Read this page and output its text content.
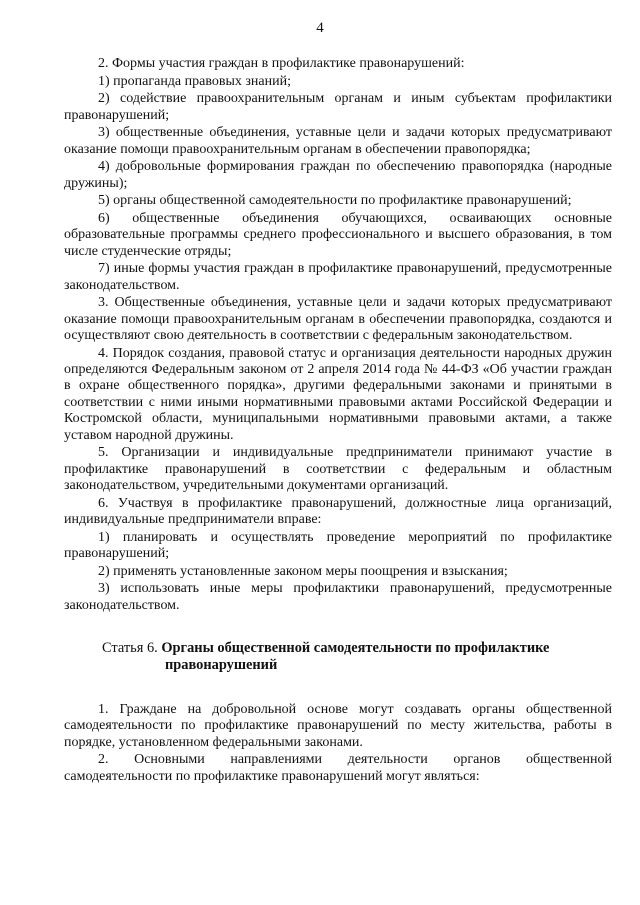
4

2. Формы участия граждан в профилактике правонарушений:

1) пропаганда правовых знаний;

2) содействие правоохранительным органам и иным субъектам профилактики правонарушений;

3) общественные объединения, уставные цели и задачи которых предусматривают оказание помощи правоохранительным органам в обеспечении правопорядка;

4) добровольные формирования граждан по обеспечению правопорядка (народные дружины);

5) органы общественной самодеятельности по профилактике правонарушений;

6) общественные объединения обучающихся, осваивающих основные образовательные программы среднего профессионального и высшего образования, в том числе студенческие отряды;

7) иные формы участия граждан в профилактике правонарушений, предусмотренные законодательством.

3. Общественные объединения, уставные цели и задачи которых предусматривают оказание помощи правоохранительным органам в обеспечении правопорядка, создаются и осуществляют свою деятельность в соответствии с федеральным законодательством.

4. Порядок создания, правовой статус и организация деятельности народных дружин определяются Федеральным законом от 2 апреля 2014 года № 44-ФЗ «Об участии граждан в охране общественного порядка», другими федеральными законами и принятыми в соответствии с ними иными нормативными правовыми актами Российской Федерации и Костромской области, муниципальными нормативными правовыми актами, а также уставом народной дружины.

5. Организации и индивидуальные предприниматели принимают участие в профилактике правонарушений в соответствии с федеральным и областным законодательством, учредительными документами организаций.

6. Участвуя в профилактике правонарушений, должностные лица организаций, индивидуальные предприниматели вправе:

1) планировать и осуществлять проведение мероприятий по профилактике правонарушений;

2) применять установленные законом меры поощрения и взыскания;

3) использовать иные меры профилактики правонарушений, предусмотренные законодательством.

Статья 6. Органы общественной самодеятельности по профилактике
правонарушений

1. Граждане на добровольной основе могут создавать органы общественной самодеятельности по профилактике правонарушений по месту жительства, работы в порядке, установленном федеральными законами.

2. Основными направлениями деятельности органов общественной самодеятельности по профилактике правонарушений могут являться:
